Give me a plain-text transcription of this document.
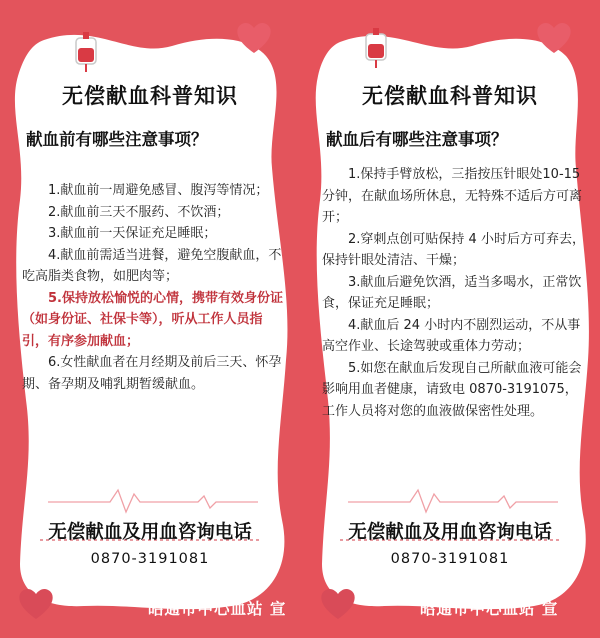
无偿献血科普知识
献血前有哪些注意事项？

1.献血前一周避免感冒、腹泻等情况；

2.献血前三天不服药、不饮酒；

3.献血前一天保证充足睡眠；

4.献血前需适当进餐，避免空腹献血，不吃高脂类食物，如肥肉等；

5.保持放松愉悦的心情，携带有效身份证（如身份证、社保卡等），听从工作人员指引，有序参加献血；

6.女性献血者在月经期及前后三天、怀孕期、备孕期及哺乳期暂缓献血。

无偿献血及用血咨询电话
0870-3191081
昭通市中心血站 宣
无偿献血科普知识
献血后有哪些注意事项？

1.保持手臂放松，三指按压针眼处10-15 分钟，在献血场所休息，无特殊不适后方可离开；

2.穿刺点创可贴保持 4 小时后方可弃去，保持针眼处清洁、干燥；

3.献血后避免饮酒，适当多喝水，正常饮食，保证充足睡眠；

4.献血后 24 小时内不剧烈运动，不从事高空作业、长途驾驶或重体力劳动；

5.如您在献血后发现自己所献血液可能会影响用血者健康，请致电 0870-3191075，工作人员将对您的血液做保密性处理。

无偿献血及用血咨询电话
0870-3191081
昭通市中心血站 宣
